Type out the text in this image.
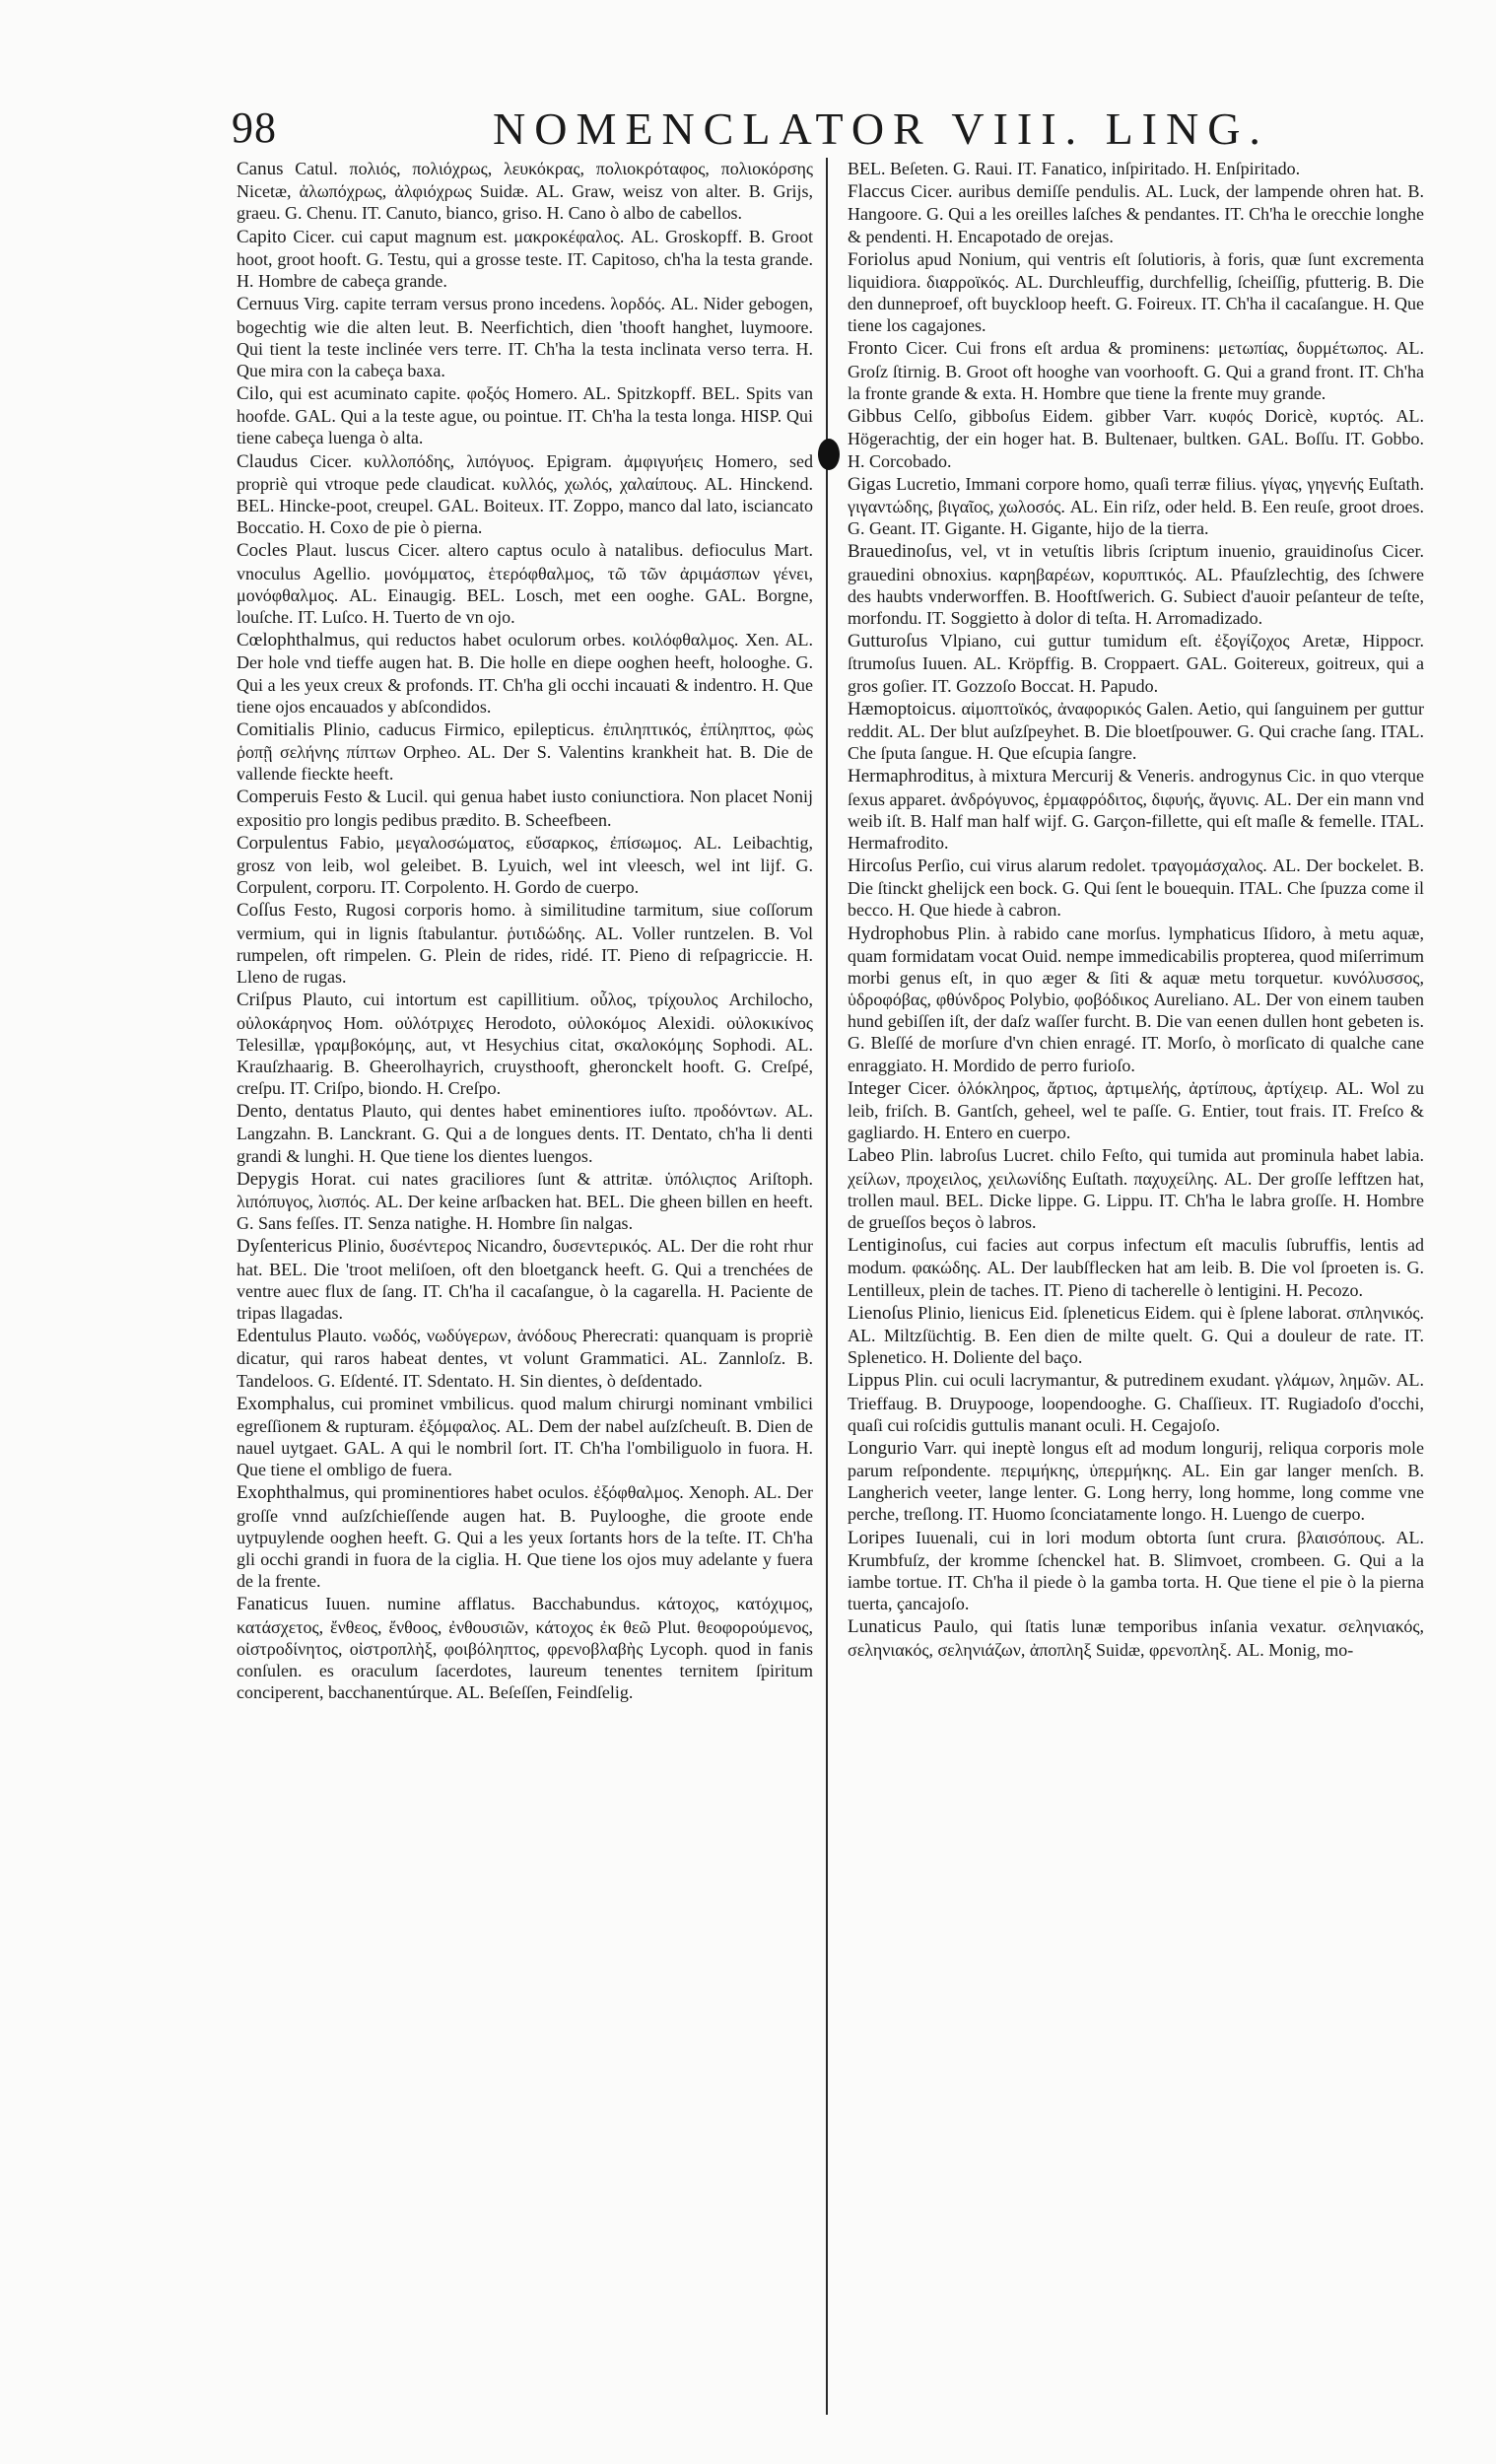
98	NOMENCLATOR VIII. LING.

Canus Catul. πολιός, πολιόχρως, λευκόκρας, πολιοκρόταφος, πολιοκόρσης Nicetæ, ἀλωπόχρως, ἀλφιόχρως Suidæ. AL. Graw, weisz von alter. B. Grijs, graeu. G. Chenu. IT. Canuto, bianco, griso. H. Cano ò albo de cabellos.

Capito Cicer. cui caput magnum est. μακροκέφαλος. AL. Groskopff. B. Groot hoot, groot hooft. G. Testu, qui a grosse teste. IT. Capitoso, ch'ha la testa grande. H. Hombre de cabeça grande.

Cernuus Virg. capite terram versus prono incedens. λορδός. AL. Nider gebogen, bogechtig wie die alten leut. B. Neerfichtich, dien 'thooft hanghet, luymoore. Qui tient la teste inclinée vers terre. IT. Ch'ha la testa inclinata verso terra. H. Que mira con la cabeça baxa.

Cilo, qui est acuminato capite. φοξός Homero. AL. Spitzkopff. BEL. Spits van hoofde. GAL. Qui a la teste ague, ou pointue. IT. Ch'ha la testa longa. HISP. Qui tiene cabeça luenga ò alta.

Claudus Cicer. κυλλοπόδης, λιπόγυος. Epigram. ἀμφιγυήεις Homero, sed propriè qui vtroque pede claudicat. κυλλός, χωλός, χαλαίπους. AL. Hinckend. BEL. Hincke-poot, creupel. GAL. Boiteux. IT. Zoppo, manco dal lato, isciancato Boccatio. H. Coxo de pie ò pierna.

Cocles Plaut. luscus Cicer. altero captus oculo à natalibus. defioculus Mart. vnoculus Agellio. μονόμματος, ἑτερόφθαλμος, τῶ τῶν ἀριμάσπων γένει, μονόφθαλμος. AL. Einaugig. BEL. Losch, met een ooghe. GAL. Borgne, louſche. IT. Luſco. H. Tuerto de vn ojo.

Cœlophthalmus, qui reductos habet oculorum orbes. κοιλόφθαλμος. Xen. AL. Der hole vnd tieffe augen hat. B. Die holle en diepe ooghen heeft, holooghe. G. Qui a les yeux creux & profonds. IT. Ch'ha gli occhi incauati & indentro. H. Que tiene ojos encauados y abſcondidos.

Comitialis Plinio, caducus Firmico, epilepticus. ἐπιληπτικός, ἐπίληπτος, φὼς ῥοπῇ σελήνης πίπτων Orpheo. AL. Der S. Valentins krankheit hat. B. Die de vallende fieckte heeft.

Comperuis Festo & Lucil. qui genua habet iusto coniunctiora. Non placet Nonij expositio pro longis pedibus prædito. B. Scheefbeen.

Corpulentus Fabio, μεγαλοσώματος, εὔσαρκος, ἐπίσωμος. AL. Leibachtig, grosz von leib, wol geleibet. B. Lyuich, wel int vleesch, wel int lijf. G. Corpulent, corporu. IT. Corpolento. H. Gordo de cuerpo.

Coſſus Festo, Rugosi corporis homo. à similitudine tarmitum, siue coſſorum vermium, qui in lignis ſtabulantur. ῥυτιδώδης. AL. Voller runtzelen. B. Vol rumpelen, oft rimpelen. G. Plein de rides, ridé. IT. Pieno di reſpagriccie. H. Lleno de rugas.

Criſpus Plauto, cui intortum est capillitium. οὖλος, τρίχουλος Archilocho, οὐλοκάρηνος Hom. οὐλότριχες Herodoto, οὐλοκόμος Alexidi. οὐλοκικίνος Telesillæ, γραμβοκόμης, aut, vt Hesychius citat, σκαλοκόμης Sophodi. AL. Krauſzhaarig. B. Gheerolhayrich, cruysthooft, gheronckelt hooft. G. Creſpé, creſpu. IT. Criſpo, biondo. H. Creſpo.

Dento, dentatus Plauto, qui dentes habet eminentiores iuſto. προδόντων. AL. Langzahn. B. Lanckrant. G. Qui a de longues dents. IT. Dentato, ch'ha li denti grandi & lunghi. H. Que tiene los dientes luengos.

Depygis Horat. cui nates graciliores ſunt & attritæ. ὑπόλιςπος Ariſtoph. λιπόπυγος, λισπός. AL. Der keine arſbacken hat. BEL. Die gheen billen en heeft. G. Sans feſſes. IT. Senza natighe. H. Hombre ſin nalgas.

Dyſentericus Plinio, δυσέντερος Nicandro, δυσεντερικός. AL. Der die roht rhur hat. BEL. Die 'troot meliſoen, oft den bloetganck heeft. G. Qui a trenchées de ventre auec flux de ſang. IT. Ch'ha il cacaſangue, ò la cagarella. H. Paciente de tripas llagadas.

Edentulus Plauto. νωδός, νωδύγερων, ἀνόδους Pherecrati: quanquam is propriè dicatur, qui raros habeat dentes, vt volunt Grammatici. AL. Zannloſz. B. Tandeloos. G. Eſdenté. IT. Sdentato. H. Sin dientes, ò deſdentado.

Exomphalus, cui prominet vmbilicus. quod malum chirurgi nominant vmbilici egreſſionem & rupturam. ἐξόμφαλος. AL. Dem der nabel auſzſcheuſt. B. Dien de nauel uytgaet. GAL. A qui le nombril ſort. IT. Ch'ha l'ombiliguolo in fuora. H. Que tiene el ombligo de fuera.

Exophthalmus, qui prominentiores habet oculos. ἐξόφθαλμος. Xenoph. AL. Der groſſe vnnd auſzſchieſſende augen hat. B. Puylooghe, die groote ende uytpuylende ooghen heeft. G. Qui a les yeux ſortants hors de la teſte. IT. Ch'ha gli occhi grandi in fuora de la ciglia. H. Que tiene los ojos muy adelante y fuera de la frente.

Fanaticus Iuuen. numine afflatus. Bacchabundus. κάτοχος, κατόχιμος, κατάσχετος, ἔνθεος, ἔνθοος, ἐνθουσιῶν, κάτοχος ἐκ θεῶ Plut. θεοφορούμενος, οἰστροδίνητος, οἰστροπλὴξ, φοιβόληπτος, φρενοβλαβὴς Lycoph. quod in fanis conſulen. es oraculum ſacerdotes, laureum tenentes ternitem ſpiritum conciperent, bacchanentúrque. AL. Beſeſſen, Feindſelig.

BEL. Beſeten. G. Raui. IT. Fanatico, inſpiritado. H. Enſpiritado.

Flaccus Cicer. auribus demiſſe pendulis. AL. Luck, der lampende ohren hat. B. Hangoore. G. Qui a les oreilles laſches & pendantes. IT. Ch'ha le orecchie longhe & pendenti. H. Encapotado de orejas.

Foriolus apud Nonium, qui ventris eſt ſolutioris, à foris, quæ ſunt excrementa liquidiora. διαρροϊκός. AL. Durchleuffig, durchfellig, ſcheiſſig, pfutterig. B. Die den dunneproef, oft buyckloop heeft. G. Foireux. IT. Ch'ha il cacaſangue. H. Que tiene los cagajones.

Fronto Cicer. Cui frons eſt ardua & prominens: μετωπίας, δυρμέτωπος. AL. Groſz ſtirnig. B. Groot oft hooghe van voorhooft. G. Qui a grand front. IT. Ch'ha la fronte grande & exta. H. Hombre que tiene la frente muy grande.

Gibbus Celſo, gibboſus Eidem. gibber Varr. κυφός Doricè, κυρτός. AL. Högerachtig, der ein hoger hat. B. Bultenaer, bultken. GAL. Boſſu. IT. Gobbo. H. Corcobado.

Gigas Lucretio, Immani corpore homo, quaſi terræ filius. γίγας, γηγενής Euſtath. γιγαντώδης, βιγαῖος, χωλοσός. AL. Ein riſz, oder held. B. Een reuſe, groot droes. G. Geant. IT. Gigante. H. Gigante, hijo de la tierra.

Brauedinoſus, vel, vt in vetuſtis libris ſcriptum inuenio, grauidinoſus Cicer. grauedini obnoxius. καρηβαρέων, κορυπτικός. AL. Pfauſzlechtig, des ſchwere des haubts vnderworffen. B. Hooftſwerich. G. Subiect d'auoir peſanteur de teſte, morfondu. IT. Soggietto à dolor di teſta. H. Arromadizado.

Gutturoſus Vlpiano, cui guttur tumidum eſt. ἐξογίζοχος Aretæ, Hippocr. ſtrumoſus Iuuen. AL. Kröpffig. B. Croppaert. GAL. Goitereux, goitreux, qui a gros goſier. IT. Gozzoſo Boccat. H. Papudo.

Hæmoptoicus. αἱμοπτοϊκός, ἀναφορικός Galen. Aetio, qui ſanguinem per guttur reddit. AL. Der blut auſzſpeyhet. B. Die bloetſpouwer. G. Qui crache ſang. ITAL. Che ſputa ſangue. H. Que eſcupia ſangre.

Hermaphroditus, à mixtura Mercurij & Veneris. androgynus Cic. in quo vterque ſexus apparet. ἀνδρόγυνος, ἑρμαφρόδιτος, διφυής, ἄγυνις. AL. Der ein mann vnd weib iſt. B. Half man half wijf. G. Garçon-fillette, qui eſt maſle & femelle. ITAL. Hermafrodito.

Hircoſus Perſio, cui virus alarum redolet. τραγομάσχαλος. AL. Der bockelet. B. Die ſtinckt ghelijck een bock. G. Qui ſent le bouequin. ITAL. Che ſpuzza come il becco. H. Que hiede à cabron.

Hydrophobus Plin. à rabido cane morſus. lymphaticus Iſidoro, à metu aquæ, quam formidatam vocat Ouid. nempe immedicabilis propterea, quod miſerrimum morbi genus eſt, in quo æger & ſiti & aquæ metu torquetur. κυνόλυσσος, ὑδροφόβας, φθύνδρος Polybio, φοβόδικος Aureliano. AL. Der von einem tauben hund gebiſſen iſt, der daſz waſſer furcht. B. Die van eenen dullen hont gebeten is. G. Bleſſé de morſure d'vn chien enragé. IT. Morſo, ò morſicato di qualche cane enraggiato. H. Mordido de perro furioſo.

Integer Cicer. ὁλόκληρος, ἄρτιος, ἀρτιμελής, ἀρτίπους, ἀρτίχειρ. AL. Wol zu leib, friſch. B. Gantſch, geheel, wel te paſſe. G. Entier, tout frais. IT. Freſco & gagliardo. H. Entero en cuerpo.

Labeo Plin. labroſus Lucret. chilo Feſto, qui tumida aut prominula habet labia. χείλων, προχειλος, χειλωνίδης Euſtath. παχυχείλης. AL. Der groſſe lefftzen hat, trollen maul. BEL. Dicke lippe. G. Lippu. IT. Ch'ha le labra groſſe. H. Hombre de grueſſos beços ò labros.

Lentiginoſus, cui facies aut corpus infectum eſt maculis ſubruffis, lentis ad modum. φακώδης. AL. Der laubſflecken hat am leib. B. Die vol ſproeten is. G. Lentilleux, plein de taches. IT. Pieno di tacherelle ò lentigini. H. Pecozo.

Lienoſus Plinio, lienicus Eid. ſpleneticus Eidem. qui è ſplene laborat. σπληνικός. AL. Miltzſüchtig. B. Een dien de milte quelt. G. Qui a douleur de rate. IT. Splenetico. H. Doliente del baço.

Lippus Plin. cui oculi lacrymantur, & putredinem exudant. γλάμων, λημῶν. AL. Trieffaug. B. Druypooge, loopendooghe. G. Chaſſieux. IT. Rugiadoſo d'occhi, quaſi cui roſcidis guttulis manant oculi. H. Cegajoſo.

Longurio Varr. qui ineptè longus eſt ad modum longurij, reliqua corporis mole parum reſpondente. περιμήκης, ὑπερμήκης. AL. Ein gar langer menſch. B. Langherich veeter, lange lenter. G. Long herry, long homme, long comme vne perche, treſlong. IT. Huomo ſconciatamente longo. H. Luengo de cuerpo.

Loripes Iuuenali, cui in lori modum obtorta ſunt crura. βλαισόπους. AL. Krumbfuſz, der kromme ſchenckel hat. B. Slimvoet, crombeen. G. Qui a la iambe tortue. IT. Ch'ha il piede ò la gamba torta. H. Que tiene el pie ò la pierna tuerta, çancajoſo.

Lunaticus Paulo, qui ſtatis lunæ temporibus inſania vexatur. σεληνιακός, σεληνιακός, σεληνιάζων, ἀποπληξ Suidæ, φρενοπληξ. AL. Monig, mo-
